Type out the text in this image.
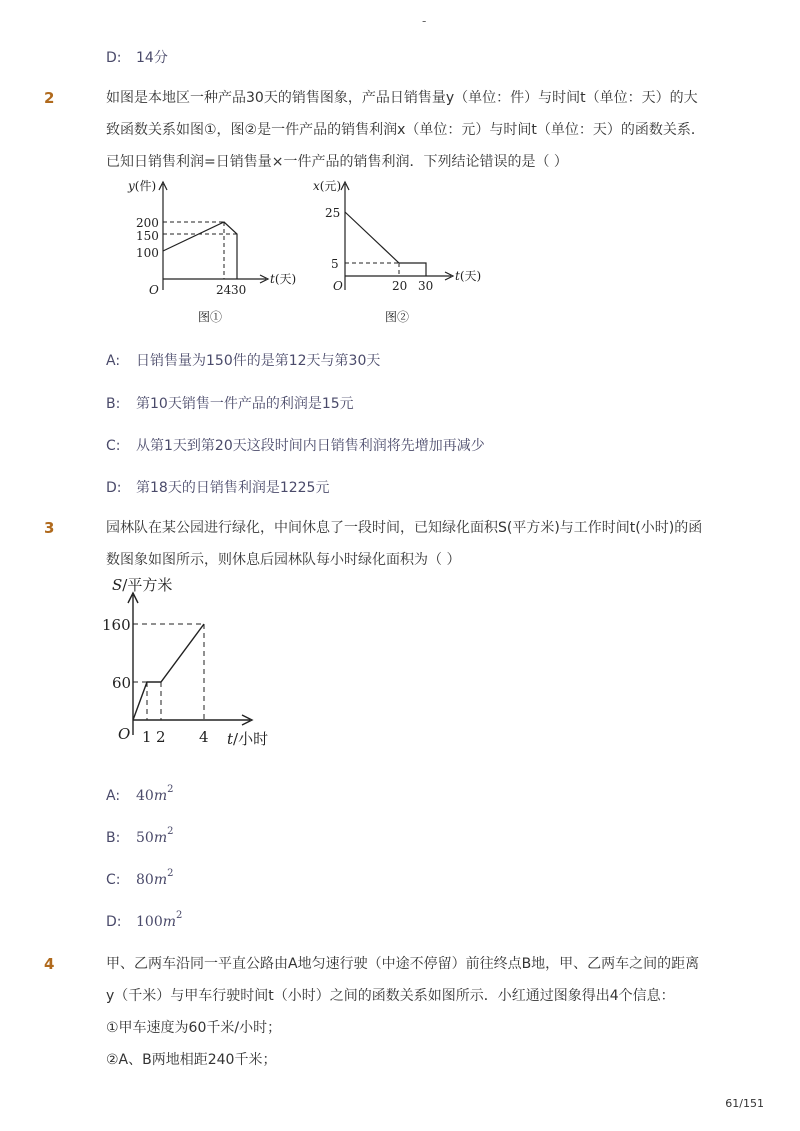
-
D: 14分
2	如图是本地区一种产品30天的销售图象，产品日销售量y（单位：件）与时间t（单位：天）的大
致函数关系如图①，图②是一件产品的销售利润x（单位：元）与时间t（单位：天）的函数关系．
已知日销售利润=日销售量×一件产品的销售利润．下列结论错误的是（ ）
y(件)
200
150
100
O	24 30
t(天)
图①
x(元)
25
5
O	20 30
t(天)
图②
A: 日销售量为150件的是第12天与第30天
B: 第10天销售一件产品的利润是15元
C: 从第1天到第20天这段时间内日销售利润将先增加再减少
D: 第18天的日销售利润是1225元
3	园林队在某公园进行绿化，中间休息了一段时间，已知绿化面积S(平方米)与工作时间t(小时)的函
数图象如图所示，则休息后园林队每小时绿化面积为（ ）
S/平方米
160
60
O 1 2 4 t/小时
A: $40m^2$
B: $50m^2$
C: $80m^2$
D: $100m^2$
4	甲、乙两车沿同一平直公路由A地匀速行驶（中途不停留）前往终点B地，甲、乙两车之间的距离
y（千米）与甲车行驶时间t（小时）之间的函数关系如图所示．小红通过图象得出4个信息：
①甲车速度为60千米/小时；
②A、B两地相距240千米；
61/151
